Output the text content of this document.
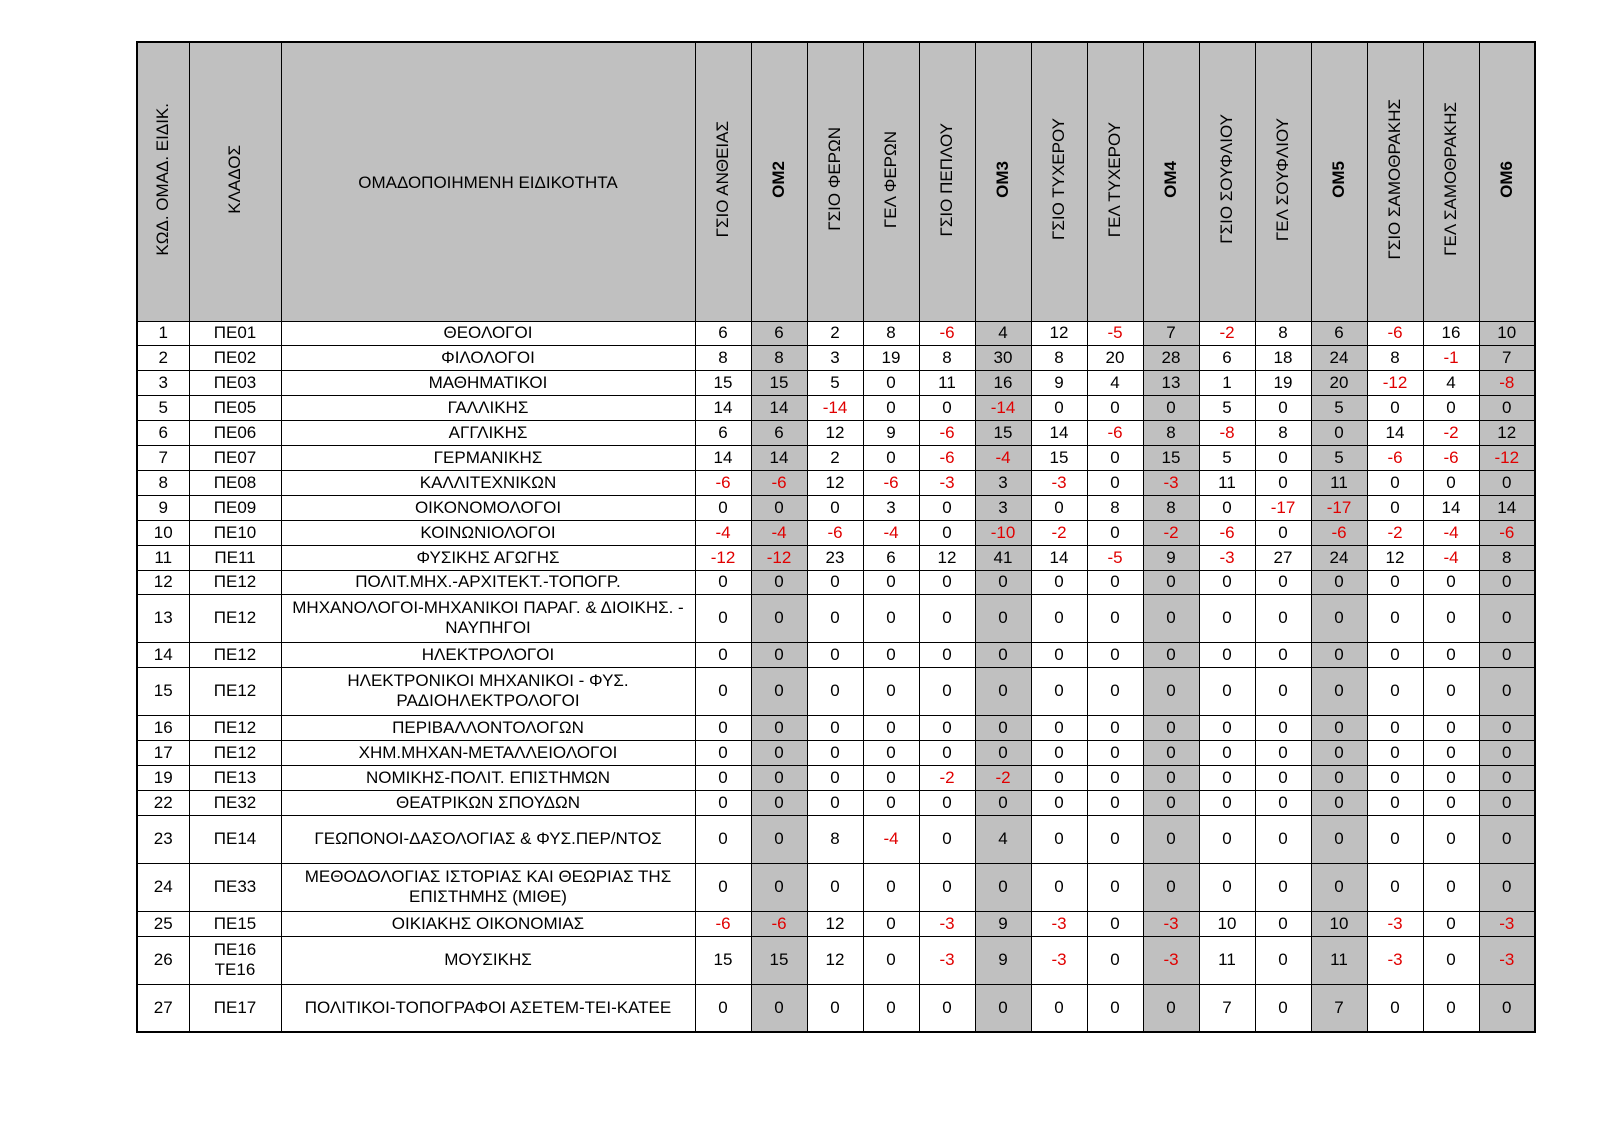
ΚΩΔ. ΟΜΑΔ. ΕΙΔΙΚ.	ΚΛΑΔΟΣ	ΟΜΑΔΟΠΟΙΗΜΕΝΗ ΕΙΔΙΚΟΤΗΤΑ	ΓΣΙΟ ΑΝΘΕΙΑΣ	ΟΜ2	ΓΣΙΟ ΦΕΡΩΝ	ΓΕΛ ΦΕΡΩΝ	ΓΣΙΟ ΠΕΠΛΟΥ	ΟΜ3	ΓΣΙΟ ΤΥΧΕΡΟΥ	ΓΕΛ ΤΥΧΕΡΟΥ	ΟΜ4	ΓΣΙΟ ΣΟΥΦΛΙΟΥ	ΓΕΛ ΣΟΥΦΛΙΟΥ	ΟΜ5	ΓΣΙΟ ΣΑΜΟΘΡΑΚΗΣ	ΓΕΛ ΣΑΜΟΘΡΑΚΗΣ	ΟΜ6
1	ΠΕ01	ΘΕΟΛΟΓΟΙ	6	6	2	8	-6	4	12	-5	7	-2	8	6	-6	16	10
2	ΠΕ02	ΦΙΛΟΛΟΓΟΙ	8	8	3	19	8	30	8	20	28	6	18	24	8	-1	7
3	ΠΕ03	ΜΑΘΗΜΑΤΙΚΟΙ	15	15	5	0	11	16	9	4	13	1	19	20	-12	4	-8
5	ΠΕ05	ΓΑΛΛΙΚΗΣ	14	14	-14	0	0	-14	0	0	0	5	0	5	0	0	0
6	ΠΕ06	ΑΓΓΛΙΚΗΣ	6	6	12	9	-6	15	14	-6	8	-8	8	0	14	-2	12
7	ΠΕ07	ΓΕΡΜΑΝΙΚΗΣ	14	14	2	0	-6	-4	15	0	15	5	0	5	-6	-6	-12
8	ΠΕ08	ΚΑΛΛΙΤΕΧΝΙΚΩΝ	-6	-6	12	-6	-3	3	-3	0	-3	11	0	11	0	0	0
9	ΠΕ09	ΟΙΚΟΝΟΜΟΛΟΓΟΙ	0	0	0	3	0	3	0	8	8	0	-17	-17	0	14	14
10	ΠΕ10	ΚΟΙΝΩΝΙΟΛΟΓΟΙ	-4	-4	-6	-4	0	-10	-2	0	-2	-6	0	-6	-2	-4	-6
11	ΠΕ11	ΦΥΣΙΚΗΣ ΑΓΩΓΗΣ	-12	-12	23	6	12	41	14	-5	9	-3	27	24	12	-4	8
12	ΠΕ12	ΠΟΛΙΤ.ΜΗΧ.-ΑΡΧΙΤΕΚΤ.-ΤΟΠΟΓΡ.	0	0	0	0	0	0	0	0	0	0	0	0	0	0	0
13	ΠΕ12	ΜΗΧΑΝΟΛΟΓΟΙ-ΜΗΧΑΝΙΚΟΙ ΠΑΡΑΓ. & ΔΙΟΙΚΗΣ. - ΝΑΥΠΗΓΟΙ	0	0	0	0	0	0	0	0	0	0	0	0	0	0	0
14	ΠΕ12	ΗΛΕΚΤΡΟΛΟΓΟΙ	0	0	0	0	0	0	0	0	0	0	0	0	0	0	0
15	ΠΕ12	ΗΛΕΚΤΡΟΝΙΚΟΙ ΜΗΧΑΝΙΚΟΙ - ΦΥΣ. ΡΑΔΙΟΗΛΕΚΤΡΟΛΟΓΟΙ	0	0	0	0	0	0	0	0	0	0	0	0	0	0	0
16	ΠΕ12	ΠΕΡΙΒΑΛΛΟΝΤΟΛΟΓΩΝ	0	0	0	0	0	0	0	0	0	0	0	0	0	0	0
17	ΠΕ12	ΧΗΜ.ΜΗΧΑΝ-ΜΕΤΑΛΛΕΙΟΛΟΓΟΙ	0	0	0	0	0	0	0	0	0	0	0	0	0	0	0
19	ΠΕ13	ΝΟΜΙΚΗΣ-ΠΟΛΙΤ. ΕΠΙΣΤΗΜΩΝ	0	0	0	0	-2	-2	0	0	0	0	0	0	0	0	0
22	ΠΕ32	ΘΕΑΤΡΙΚΩΝ ΣΠΟΥΔΩΝ	0	0	0	0	0	0	0	0	0	0	0	0	0	0	0
23	ΠΕ14	ΓΕΩΠΟΝΟΙ-ΔΑΣΟΛΟΓΙΑΣ & ΦΥΣ.ΠΕΡ/ΝΤΟΣ	0	0	8	-4	0	4	0	0	0	0	0	0	0	0	0
24	ΠΕ33	ΜΕΘΟΔΟΛΟΓΙΑΣ ΙΣΤΟΡΙΑΣ ΚΑΙ ΘΕΩΡΙΑΣ ΤΗΣ ΕΠΙΣΤΗΜΗΣ (ΜΙΘΕ)	0	0	0	0	0	0	0	0	0	0	0	0	0	0	0
25	ΠΕ15	ΟΙΚΙΑΚΗΣ ΟΙΚΟΝΟΜΙΑΣ	-6	-6	12	0	-3	9	-3	0	-3	10	0	10	-3	0	-3
26	ΠΕ16 ΤΕ16	ΜΟΥΣΙΚΗΣ	15	15	12	0	-3	9	-3	0	-3	11	0	11	-3	0	-3
27	ΠΕ17	ΠΟΛΙΤΙΚΟΙ-ΤΟΠΟΓΡΑΦΟΙ ΑΣΕΤΕΜ-ΤΕΙ-ΚΑΤΕΕ	0	0	0	0	0	0	0	0	0	7	0	7	0	0	0
